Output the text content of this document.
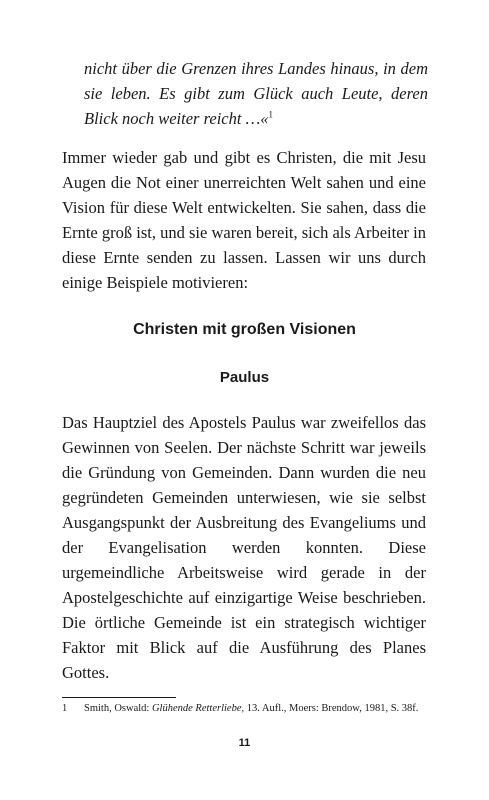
nicht über die Grenzen ihres Landes hinaus, in dem sie leben. Es gibt zum Glück auch Leute, deren Blick noch weiter reicht …«$^1$
Immer wieder gab und gibt es Christen, die mit Jesu Augen die Not einer unerreichten Welt sahen und eine Vision für diese Welt entwickelten. Sie sahen, dass die Ernte groß ist, und sie waren bereit, sich als Arbeiter in diese Ernte senden zu lassen. Lassen wir uns durch einige Beispiele motivieren:
Christen mit großen Visionen
Paulus
Das Hauptziel des Apostels Paulus war zweifellos das Gewinnen von Seelen. Der nächste Schritt war jeweils die Gründung von Gemeinden. Dann wurden die neu gegründeten Gemeinden unterwiesen, wie sie selbst Ausgangspunkt der Ausbreitung des Evangeliums und der Evangelisation werden konnten. Diese urgemeindliche Arbeitsweise wird gerade in der Apostelgeschichte auf einzigartige Weise beschrieben. Die örtliche Gemeinde ist ein strategisch wichtiger Faktor mit Blick auf die Ausführung des Planes Gottes.
1 Smith, Oswald: Glühende Retterliebe, 13. Aufl., Moers: Brendow, 1981, S. 38f.
11
